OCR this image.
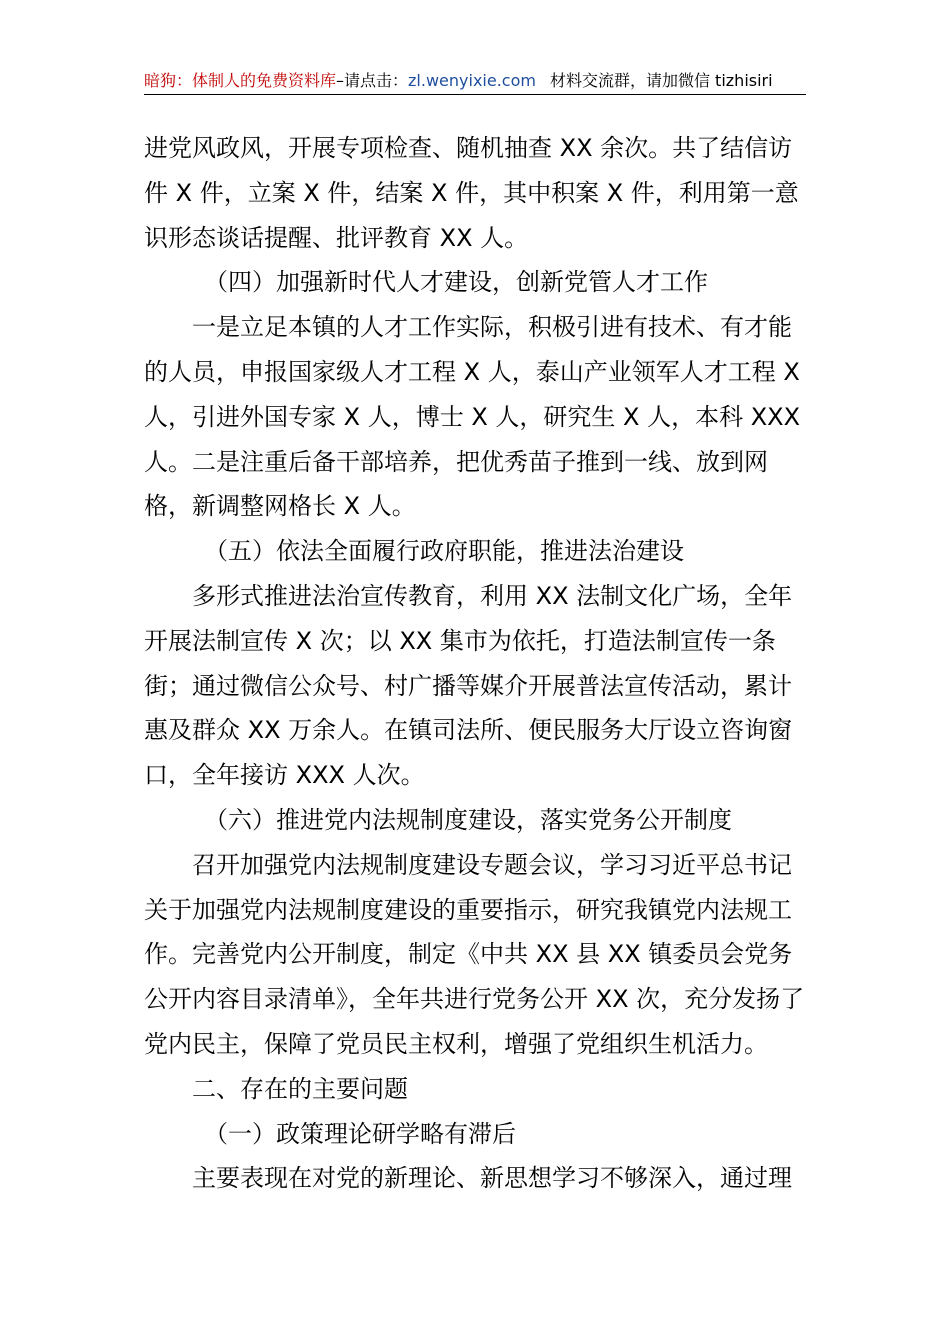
暗狗：体制人的免费资料库–请点击：zl.wenyixie.com 材料交流群，请加微信 tizhisiri

进党风政风，开展专项检查、随机抽查 XX 余次。共了结信访件 X 件，立案 X 件，结案 X 件，其中积案 X 件，利用第一意识形态谈话提醒、批评教育 XX 人。

（四）加强新时代人才建设，创新党管人才工作

一是立足本镇的人才工作实际，积极引进有技术、有才能的人员，申报国家级人才工程 X 人，泰山产业领军人才工程 X 人，引进外国专家 X 人，博士 X 人，研究生 X 人，本科 XXX 人。二是注重后备干部培养，把优秀苗子推到一线、放到网格，新调整网格长 X 人。

（五）依法全面履行政府职能，推进法治建设

多形式推进法治宣传教育，利用 XX 法制文化广场，全年开展法制宣传 X 次；以 XX 集市为依托，打造法制宣传一条街；通过微信公众号、村广播等媒介开展普法宣传活动，累计惠及群众 XX 万余人。在镇司法所、便民服务大厅设立咨询窗口，全年接访 XXX 人次。

（六）推进党内法规制度建设，落实党务公开制度

召开加强党内法规制度建设专题会议，学习习近平总书记关于加强党内法规制度建设的重要指示，研究我镇党内法规工作。完善党内公开制度，制定《中共 XX 县 XX 镇委员会党务公开内容目录清单》，全年共进行党务公开 XX 次，充分发扬了党内民主，保障了党员民主权利，增强了党组织生机活力。

二、存在的主要问题

（一）政策理论研学略有滞后

主要表现在对党的新理论、新思想学习不够深入，通过理
